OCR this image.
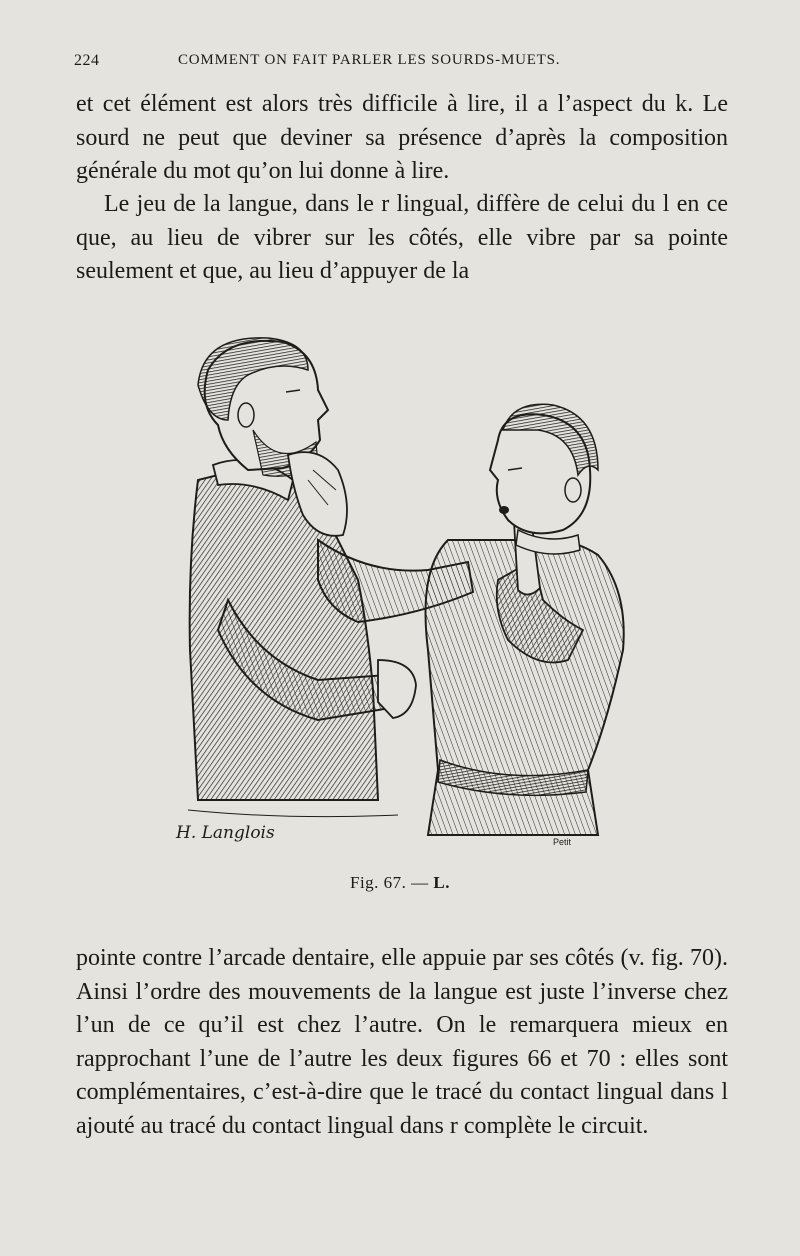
224	COMMENT ON FAIT PARLER LES SOURDS-MUETS.

et cet élément est alors très difficile à lire, il a l’aspect du k. Le sourd ne peut que deviner sa présence d’après la composition générale du mot qu’on lui donne à lire.

Le jeu de la langue, dans le r lingual, diffère de celui du l en ce que, au lieu de vibrer sur les côtés, elle vibre par sa pointe seulement et que, au lieu d’appuyer de la

H. Langlois	Petit
Fig. 67. — L.

pointe contre l’arcade dentaire, elle appuie par ses côtés (v. fig. 70). Ainsi l’ordre des mouvements de la langue est juste l’inverse chez l’un de ce qu’il est chez l’autre. On le remarquera mieux en rapprochant l’une de l’autre les deux figures 66 et 70 : elles sont complémentaires, c’est-à-dire que le tracé du contact lingual dans l ajouté au tracé du contact lingual dans r complète le circuit.
